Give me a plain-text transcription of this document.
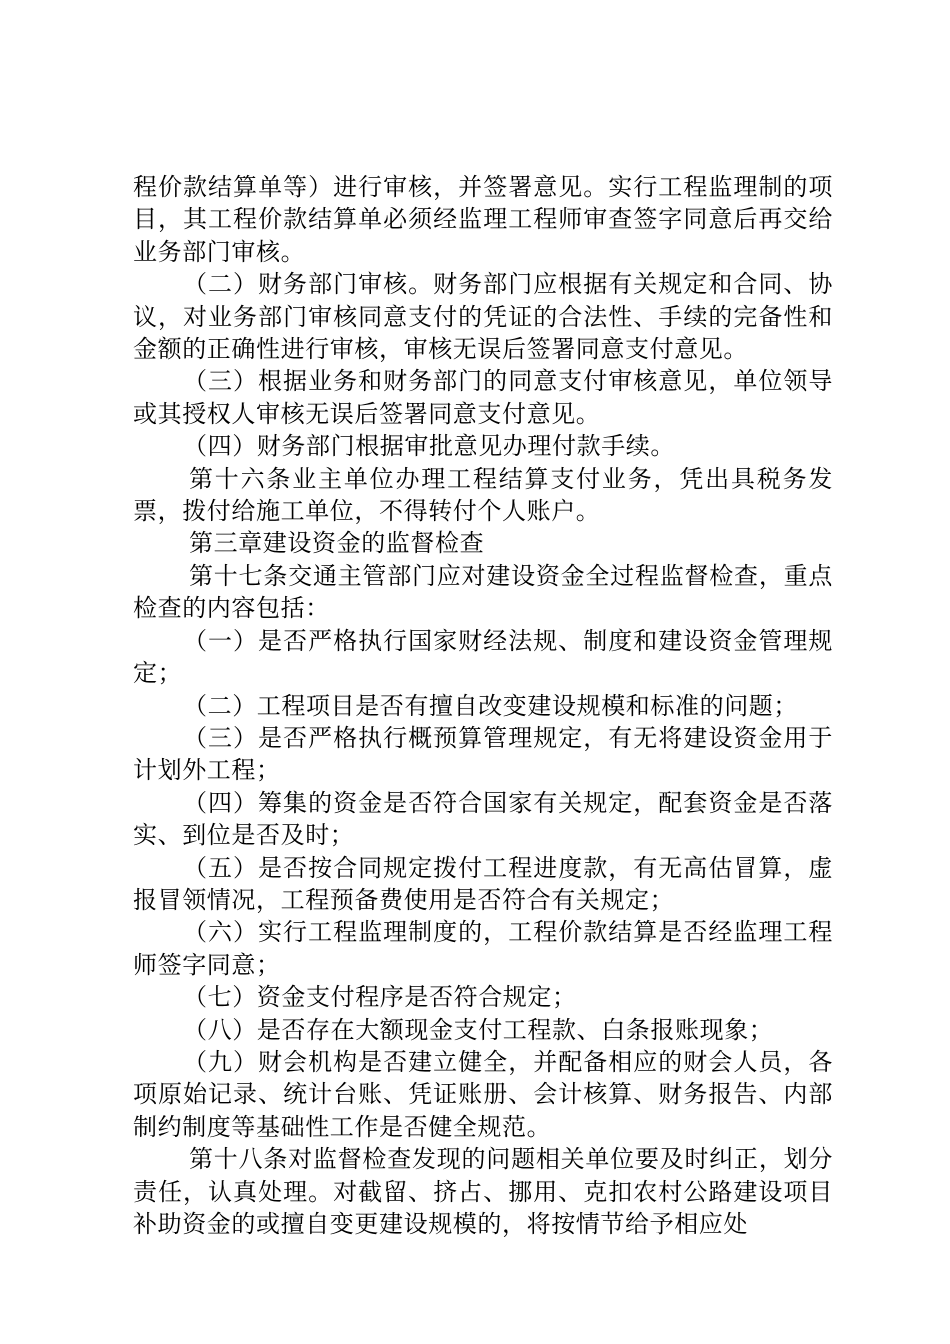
程价款结算单等）进行审核，并签署意见。实行工程监理制的项目，其工程价款结算单必须经监理工程师审查签字同意后再交给业务部门审核。

（二）财务部门审核。财务部门应根据有关规定和合同、协议，对业务部门审核同意支付的凭证的合法性、手续的完备性和金额的正确性进行审核，审核无误后签署同意支付意见。

（三）根据业务和财务部门的同意支付审核意见，单位领导或其授权人审核无误后签署同意支付意见。

（四）财务部门根据审批意见办理付款手续。

第十六条业主单位办理工程结算支付业务，凭出具税务发票，拨付给施工单位，不得转付个人账户。

第三章建设资金的监督检查

第十七条交通主管部门应对建设资金全过程监督检查，重点检查的内容包括：

（一）是否严格执行国家财经法规、制度和建设资金管理规定；

（二）工程项目是否有擅自改变建设规模和标准的问题；

（三）是否严格执行概预算管理规定，有无将建设资金用于计划外工程；

（四）筹集的资金是否符合国家有关规定，配套资金是否落实、到位是否及时；

（五）是否按合同规定拨付工程进度款，有无高估冒算，虚报冒领情况，工程预备费使用是否符合有关规定；

（六）实行工程监理制度的，工程价款结算是否经监理工程师签字同意；

（七）资金支付程序是否符合规定；

（八）是否存在大额现金支付工程款、白条报账现象；

（九）财会机构是否建立健全，并配备相应的财会人员，各项原始记录、统计台账、凭证账册、会计核算、财务报告、内部制约制度等基础性工作是否健全规范。

第十八条对监督检查发现的问题相关单位要及时纠正，划分责任，认真处理。对截留、挤占、挪用、克扣农村公路建设项目补助资金的或擅自变更建设规模的，将按情节给予相应处
